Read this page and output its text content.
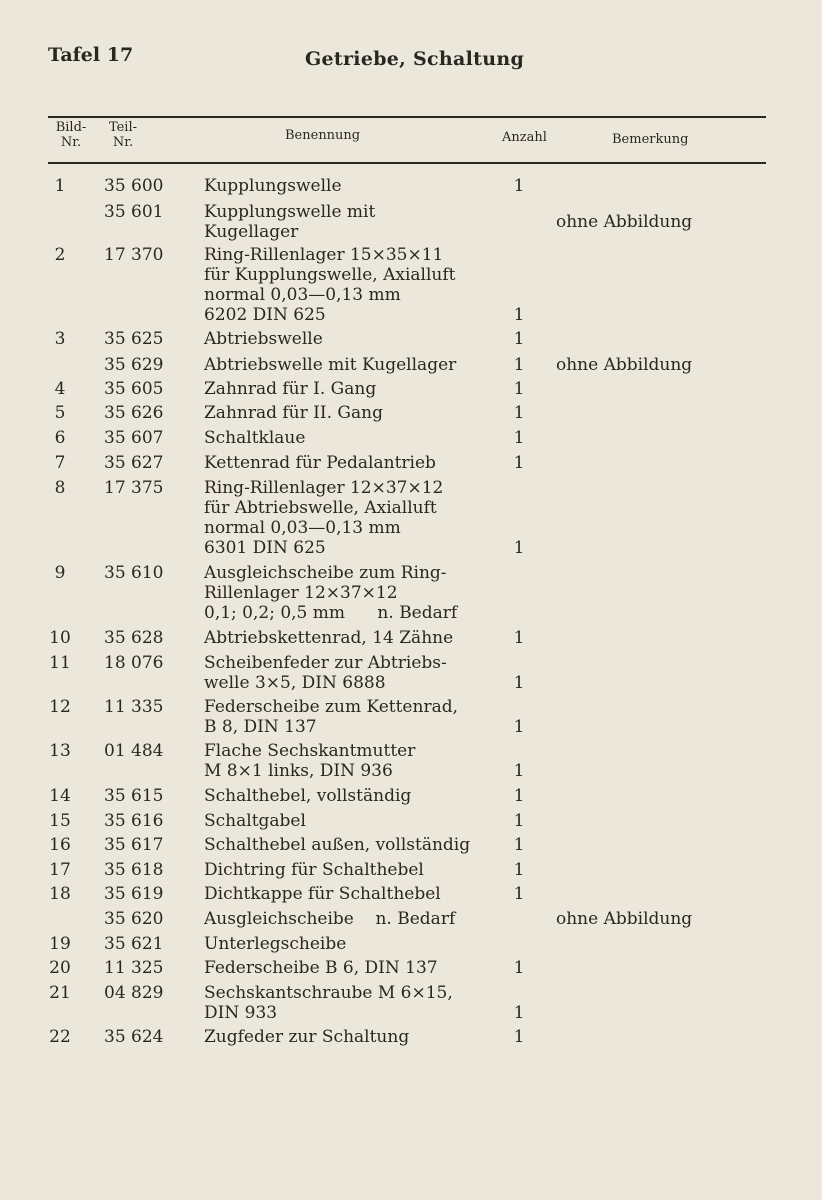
Tafel 17	Getriebe, Schaltung
Bild-
Nr.
Teil-
Nr.	Benennung	Anzahl	Bemerkung
1	35 600 Kupplungswelle	1
35 601 Kupplungswelle mit
Kugellager	ohne Abbildung
2	17 370 Ring-Rillenlager 15×35×11
für Kupplungswelle, Axialluft
normal 0,03—0,13 mm
6202 DIN 625	1
3	35 625 Abtriebswelle	1
35 629 Abtriebswelle mit Kugellager	1 ohne Abbildung
4	35 605 Zahnrad für I. Gang	1
5	35 626 Zahnrad für II. Gang	1
6	35 607 Schaltklaue	1
7	35 627 Kettenrad für Pedalantrieb	1
8	17 375 Ring-Rillenlager 12×37×12
für Abtriebswelle, Axialluft
normal 0,03—0,13 mm
6301 DIN 625	1
9	35 610 Ausgleichscheibe zum Ring-
Rillenlager 12×37×12
0,1; 0,2; 0,5 mm      n. Bedarf
10	35 628 Abtriebskettenrad, 14 Zähne	1
11	18 076 Scheibenfeder zur Abtriebs-
welle 3×5, DIN 6888	1
12	11 335 Federscheibe zum Kettenrad,
B 8, DIN 137	1
13	01 484 Flache Sechskantmutter
M 8×1 links, DIN 936	1
14	35 615 Schalthebel, vollständig	1
15	35 616 Schaltgabel	1
16	35 617 Schalthebel außen, vollständig	1
17	35 618 Dichtring für Schalthebel	1
18	35 619 Dichtkappe für Schalthebel	1
35 620 Ausgleichscheibe    n. Bedarf	ohne Abbildung
19	35 621 Unterlegscheibe
20	11 325 Federscheibe B 6, DIN 137	1
21	04 829 Sechskantschraube M 6×15,
DIN 933	1
22	35 624 Zugfeder zur Schaltung	1
